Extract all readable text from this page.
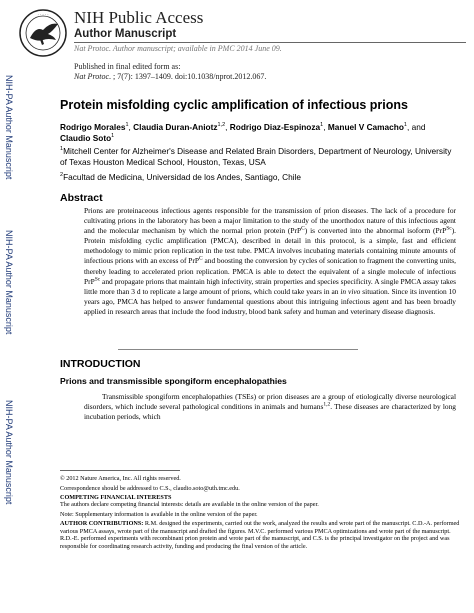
· · · · · NIH Public Access
Author Manuscript
Nat Protoc. Author manuscript; available in PMC 2014 June 09.
NIH-PA Author Manuscript
NIH-PA Author Manuscript
NIH-PA Author Manuscript
Published in final edited form as:
Nat Protoc. ; 7(7): 1397–1409. doi:10.1038/nprot.2012.067.
Protein misfolding cyclic amplification of infectious prions
Rodrigo Morales$^1$, Claudia Duran-Aniotz$^{1,2}$, Rodrigo Diaz-Espinoza$^1$, Manuel V Camacho$^1$, and Claudio Soto$^1$
$^1$Mitchell Center for Alzheimer's Disease and Related Brain Disorders, Department of Neurology, University of Texas Houston Medical School, Houston, Texas, USA
$^2$Facultad de Medicina, Universidad de los Andes, Santiago, Chile
Abstract
Prions are proteinaceous infectious agents responsible for the transmission of prion diseases. The lack of a procedure for cultivating prions in the laboratory has been a major limitation to the study of the unorthodox nature of this infectious agent and the molecular mechanism by which the normal prion protein (PrP$^C$) is converted into the abnormal isoform (PrP$^{Sc}$). Protein misfolding cyclic amplification (PMCA), described in detail in this protocol, is a simple, fast and efficient methodology to mimic prion replication in the test tube. PMCA involves incubating materials containing minute amounts of infectious prions with an excess of PrP$^C$ and boosting the conversion by cycles of sonication to fragment the converting units, thereby leading to accelerated prion replication. PMCA is able to detect the equivalent of a single molecule of infectious PrP$^{Sc}$ and propagate prions that maintain high infectivity, strain properties and species specificity. A single PMCA assay takes little more than 3 d to replicate a large amount of prions, which could take years in an in vivo situation. Since its invention 10 years ago, PMCA has helped to answer fundamental questions about this intriguing infectious agent and has been broadly applied in research areas that include the food industry, blood bank safety and human and veterinary disease diagnosis.
INTRODUCTION
Prions and transmissible spongiform encephalopathies
Transmissible spongiform encephalopathies (TSEs) or prion diseases are a group of etiologically diverse neurological disorders, which include several pathological conditions in animals and humans$^{1,2}$. These diseases are characterized by long incubation periods, which
© 2012 Nature America, Inc. All rights reserved.
Correspondence should be addressed to C.S., claudio.soto@uth.tmc.edu.
COMPETING FINANCIAL INTERESTS
The authors declare competing financial interests: details are available in the online version of the paper.
Note: Supplementary information is available in the online version of the paper.
AUTHOR CONTRIBUTIONS: R.M. designed the experiments, carried out the work, analyzed the results and wrote part of the manuscript. C.D.-A. performed various PMCA assays, wrote part of the manuscript and drafted the figures. M.V.C. performed various PMCA optimizations and wrote part of the manuscript. R.D.-E. performed experiments with recombinant prion protein and wrote part of the manuscript, and C.S. is the principal investigator on the project and was responsible for coordinating research activity, funding and producing the final version of the article.
